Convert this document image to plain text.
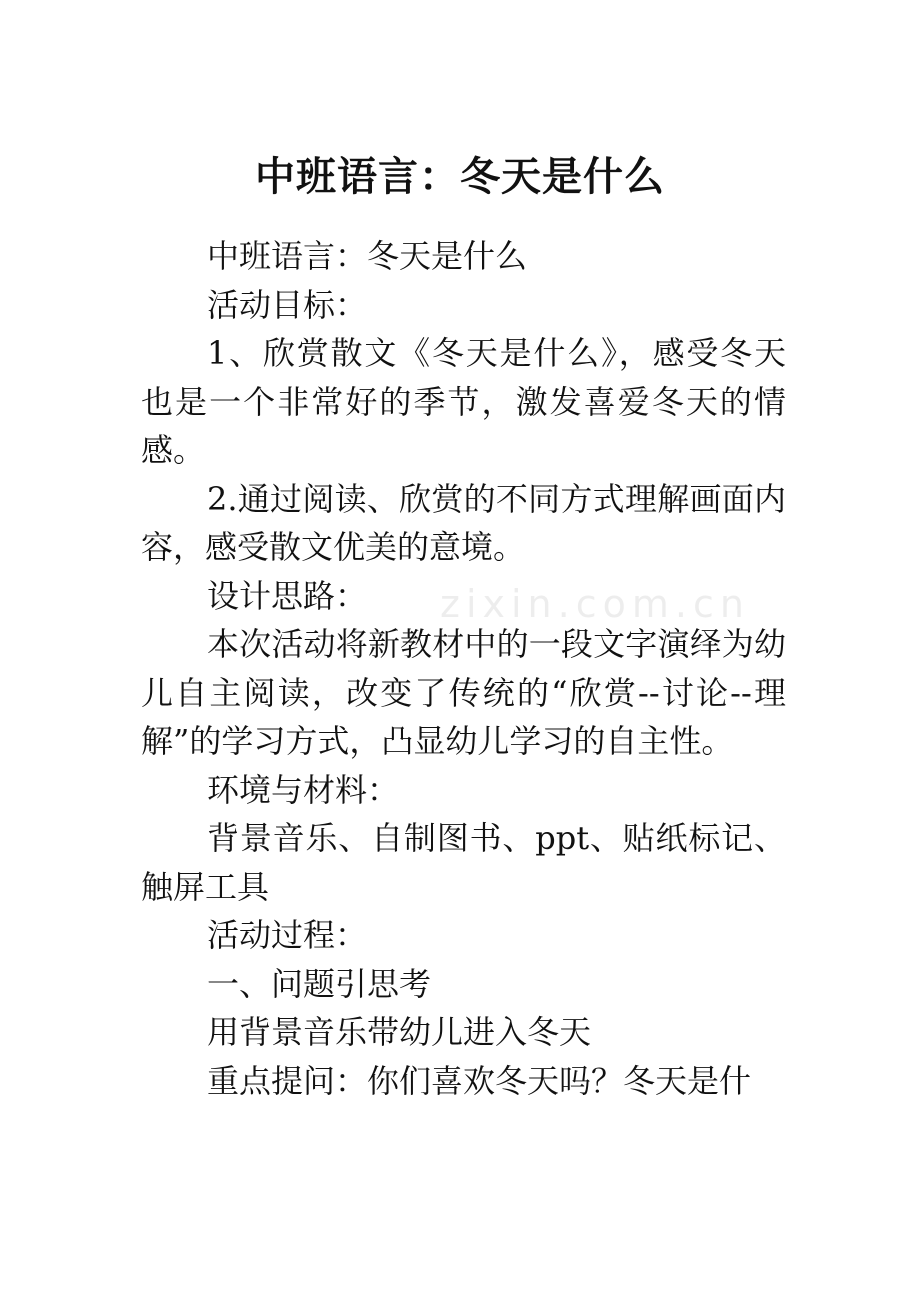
zixin.com.cn
中班语言：冬天是什么

中班语言：冬天是什么

活动目标：

1、欣赏散文《冬天是什么》，感受冬天也是一个非常好的季节，激发喜爱冬天的情感。

2.通过阅读、欣赏的不同方式理解画面内容，感受散文优美的意境。

设计思路：

本次活动将新教材中的一段文字演绎为幼儿自主阅读，改变了传统的“欣赏--讨论--理解”的学习方式，凸显幼儿学习的自主性。

环境与材料：

背景音乐、自制图书、ppt、贴纸标记、触屏工具

活动过程：

一、问题引思考

用背景音乐带幼儿进入冬天

重点提问：你们喜欢冬天吗？冬天是什
